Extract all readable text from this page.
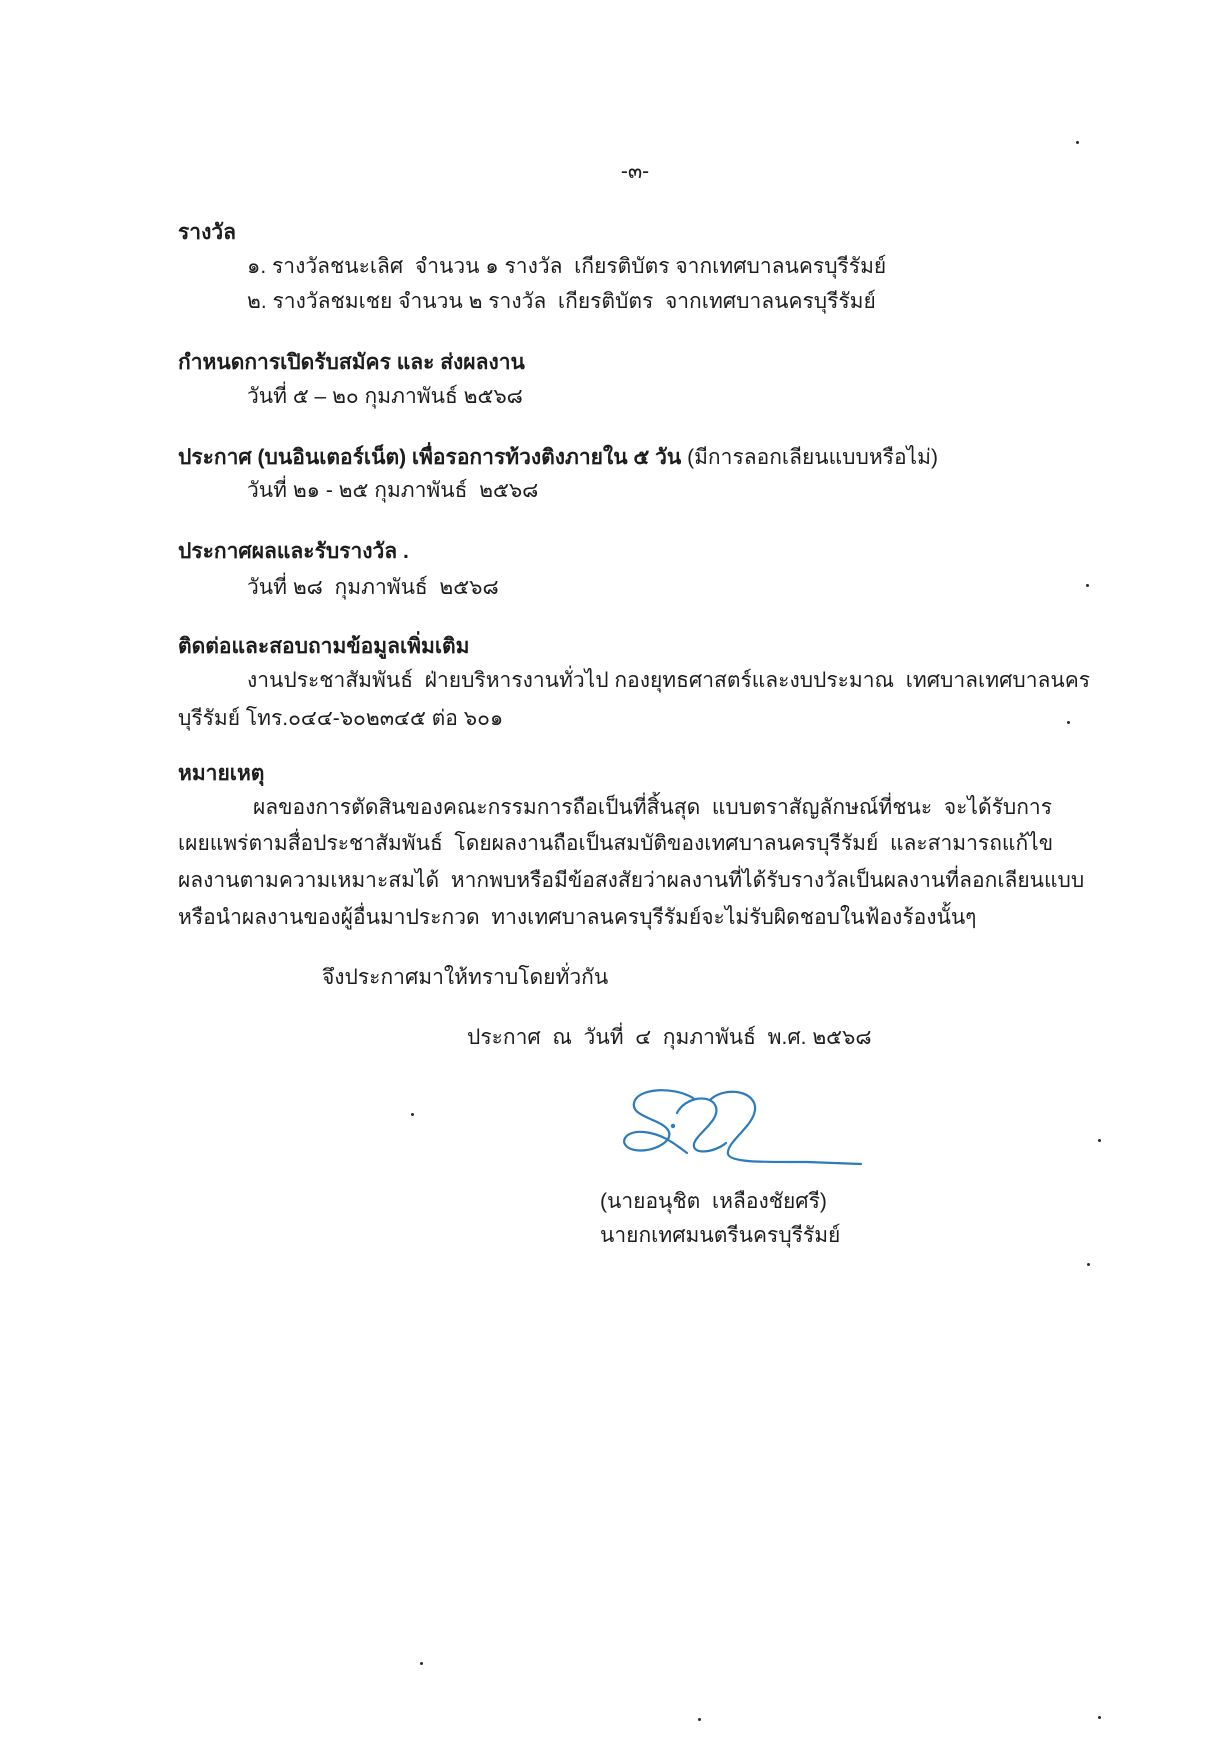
-๓-
รางวัล
๑. รางวัลชนะเลิศ  จำนวน ๑ รางวัล  เกียรติบัตร จากเทศบาลนครบุรีรัมย์
๒. รางวัลชมเชย จำนวน ๒ รางวัล  เกียรติบัตร  จากเทศบาลนครบุรีรัมย์
กำหนดการเปิดรับสมัคร และ ส่งผลงาน
วันที่ ๕ – ๒๐ กุมภาพันธ์ ๒๕๖๘
ประกาศ (บนอินเตอร์เน็ต) เพื่อรอการท้วงติงภายใน ๕ วัน (มีการลอกเลียนแบบหรือไม่)
วันที่ ๒๑ - ๒๕ กุมภาพันธ์  ๒๕๖๘
ประกาศผลและรับรางวัล .
วันที่ ๒๘  กุมภาพันธ์  ๒๕๖๘
ติดต่อและสอบถามข้อมูลเพิ่มเติม
งานประชาสัมพันธ์  ฝ่ายบริหารงานทั่วไป กองยุทธศาสตร์และงบประมาณ  เทศบาลเทศบาลนคร
บุรีรัมย์ โทร.๐๔๔-๖๐๒๓๔๕ ต่อ ๖๐๑
หมายเหตุ
ผลของการตัดสินของคณะกรรมการถือเป็นที่สิ้นสุด  แบบตราสัญลักษณ์ที่ชนะ  จะได้รับการ
เผยแพร่ตามสื่อประชาสัมพันธ์  โดยผลงานถือเป็นสมบัติของเทศบาลนครบุรีรัมย์  และสามารถแก้ไข
ผลงานตามความเหมาะสมได้  หากพบหรือมีข้อสงสัยว่าผลงานที่ได้รับรางวัลเป็นผลงานที่ลอกเลียนแบบ
หรือนำผลงานของผู้อื่นมาประกวด  ทางเทศบาลนครบุรีรัมย์จะไม่รับผิดชอบในฟ้องร้องนั้นๆ
จึงประกาศมาให้ทราบโดยทั่วกัน
ประกาศ  ณ  วันที่  ๔  กุมภาพันธ์  พ.ศ. ๒๕๖๘
(นายอนุชิต  เหลืองชัยศรี)
นายกเทศมนตรีนครบุรีรัมย์
